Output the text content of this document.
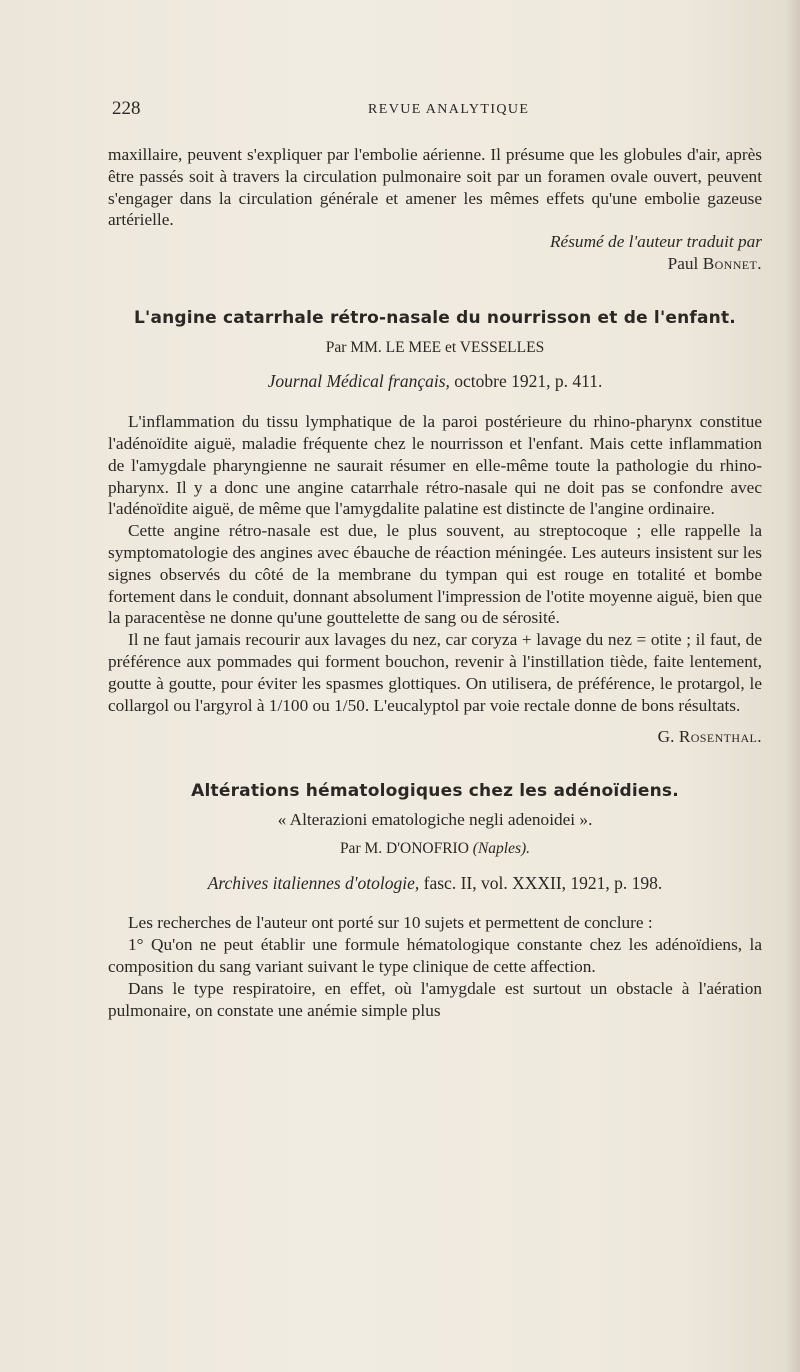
228	REVUE ANALYTIQUE

maxillaire, peuvent s'expliquer par l'embolie aérienne. Il présume que les globules d'air, après être passés soit à travers la circulation pulmonaire soit par un foramen ovale ouvert, peuvent s'engager dans la circulation générale et amener les mêmes effets qu'une embolie gazeuse artérielle.

Résumé de l'auteur traduit par

Paul Bonnet.

L'angine catarrhale rétro-nasale du nourrisson et de l'enfant.

Par MM. LE MEE et VESSELLES

Journal Médical français, octobre 1921, p. 411.

L'inflammation du tissu lymphatique de la paroi postérieure du rhino-pharynx constitue l'adénoïdite aiguë, maladie fréquente chez le nourrisson et l'enfant. Mais cette inflammation de l'amygdale pharyngienne ne saurait résumer en elle-même toute la pathologie du rhino-pharynx. Il y a donc une angine catarrhale rétro-nasale qui ne doit pas se confondre avec l'adénoïdite aiguë, de même que l'amygdalite palatine est distincte de l'angine ordinaire.

Cette angine rétro-nasale est due, le plus souvent, au streptocoque ; elle rappelle la symptomatologie des angines avec ébauche de réaction méningée. Les auteurs insistent sur les signes observés du côté de la membrane du tympan qui est rouge en totalité et bombe fortement dans le conduit, donnant absolument l'impression de l'otite moyenne aiguë, bien que la paracentèse ne donne qu'une gouttelette de sang ou de sérosité.

Il ne faut jamais recourir aux lavages du nez, car coryza + lavage du nez = otite ; il faut, de préférence aux pommades qui forment bouchon, revenir à l'instillation tiède, faite lentement, goutte à goutte, pour éviter les spasmes glottiques. On utilisera, de préférence, le protargol, le collargol ou l'argyrol à 1/100 ou 1/50. L'eucalyptol par voie rectale donne de bons résultats.

G. Rosenthal.

Altérations hématologiques chez les adénoïdiens.

« Alterazioni ematologiche negli adenoidei ».

Par M. D'ONOFRIO (Naples).

Archives italiennes d'otologie, fasc. II, vol. XXXII, 1921, p. 198.

Les recherches de l'auteur ont porté sur 10 sujets et permettent de conclure :

1° Qu'on ne peut établir une formule hématologique constante chez les adénoïdiens, la composition du sang variant suivant le type clinique de cette affection.

Dans le type respiratoire, en effet, où l'amygdale est surtout un obstacle à l'aération pulmonaire, on constate une anémie simple plus
